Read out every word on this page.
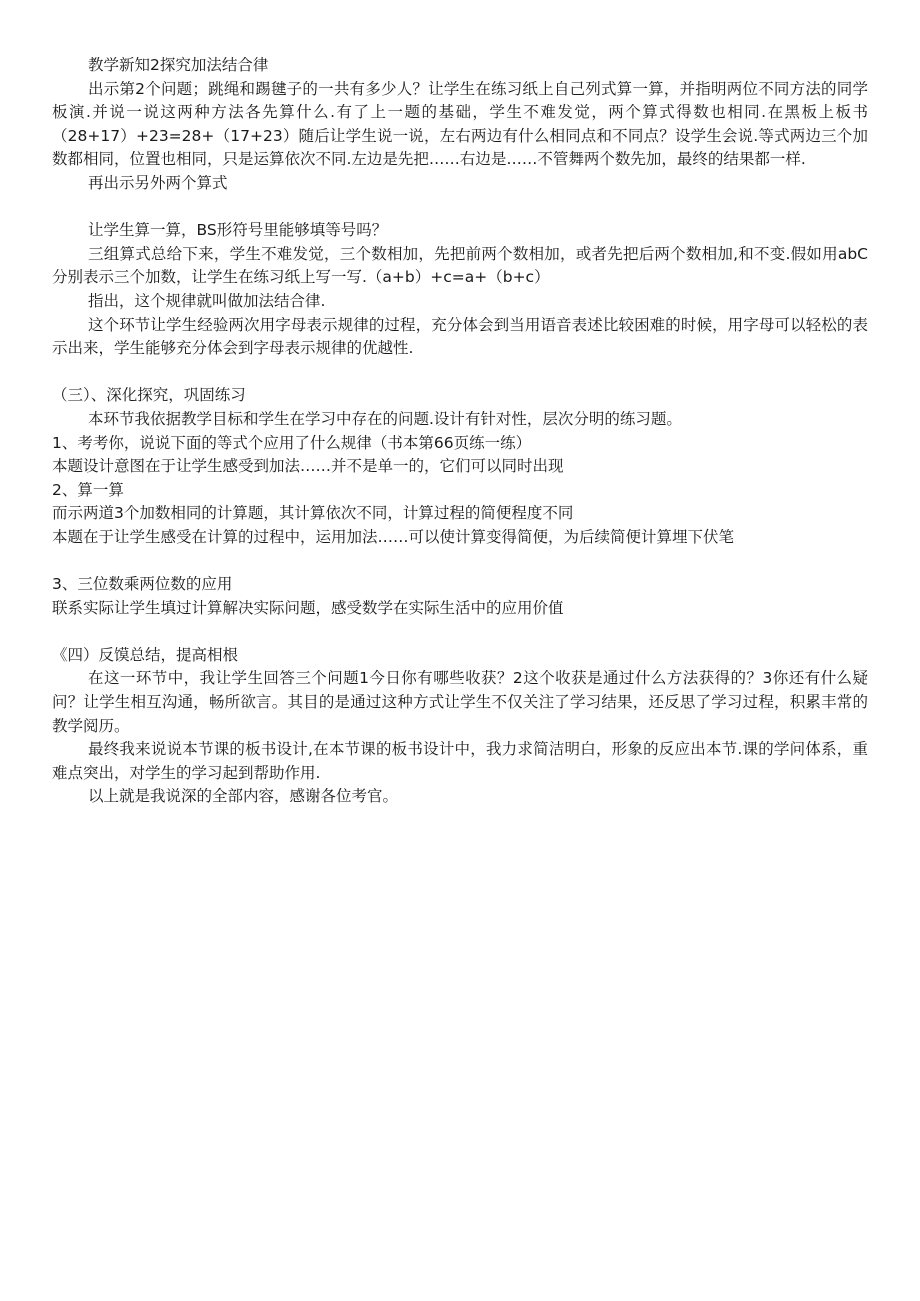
教学新知2探究加法结合律
出示第2个问题；跳绳和踢毽子的一共有多少人？让学生在练习纸上自己列式算一算，并指明两位不同方法的同学板演.并说一说这两种方法各先算什么.有了上一题的基础，学生不难发觉，两个算式得数也相同.在黑板上板书（28+17）+23=28+（17+23）随后让学生说一说，左右两边有什么相同点和不同点？设学生会说.等式两边三个加数都相同，位置也相同，只是运算依次不同.左边是先把……右边是……不管舞两个数先加，最终的结果都一样.
再出示另外两个算式
让学生算一算，BS形符号里能够填等号吗？
三组算式总给下来，学生不难发觉，三个数相加，先把前两个数相加，或者先把后两个数相加,和不变.假如用abC分别表示三个加数，让学生在练习纸上写一写.（a+b）+c=a+（b+c）
指出，这个规律就叫做加法结合律.
这个环节让学生经验两次用字母表示规律的过程，充分体会到当用语音表述比较困难的时候，用字母可以轻松的表示出来，学生能够充分体会到字母表示规律的优越性.
（三）、深化探究，巩固练习
本环节我依据教学目标和学生在学习中存在的问题.设计有针对性，层次分明的练习题。
1、考考你，说说下面的等式个应用了什么规律（书本第66页练一练）
本题设计意图在于让学生感受到加法……并不是单一的，它们可以同时出现
2、算一算
而示两道3个加数相同的计算题，其计算依次不同，计算过程的简便程度不同
本题在于让学生感受在计算的过程中，运用加法……可以使计算变得简便，为后续简便计算埋下伏笔
3、三位数乘两位数的应用
联系实际让学生填过计算解决实际问题，感受数学在实际生活中的应用价值
《四）反馍总结，提高相根
在这一环节中，我让学生回答三个问题1今日你有哪些收获？2这个收获是通过什么方法获得的？3你还有什么疑问？让学生相互沟通，畅所欲言。其目的是通过这种方式让学生不仅关注了学习结果，还反思了学习过程，积累丰常的教学阅历。
最终我来说说本节课的板书设计,在本节课的板书设计中，我力求简洁明白，形象的反应出本节.课的学问体系，重难点突出，对学生的学习起到帮助作用.
以上就是我说深的全部内容，感谢各位考官。
